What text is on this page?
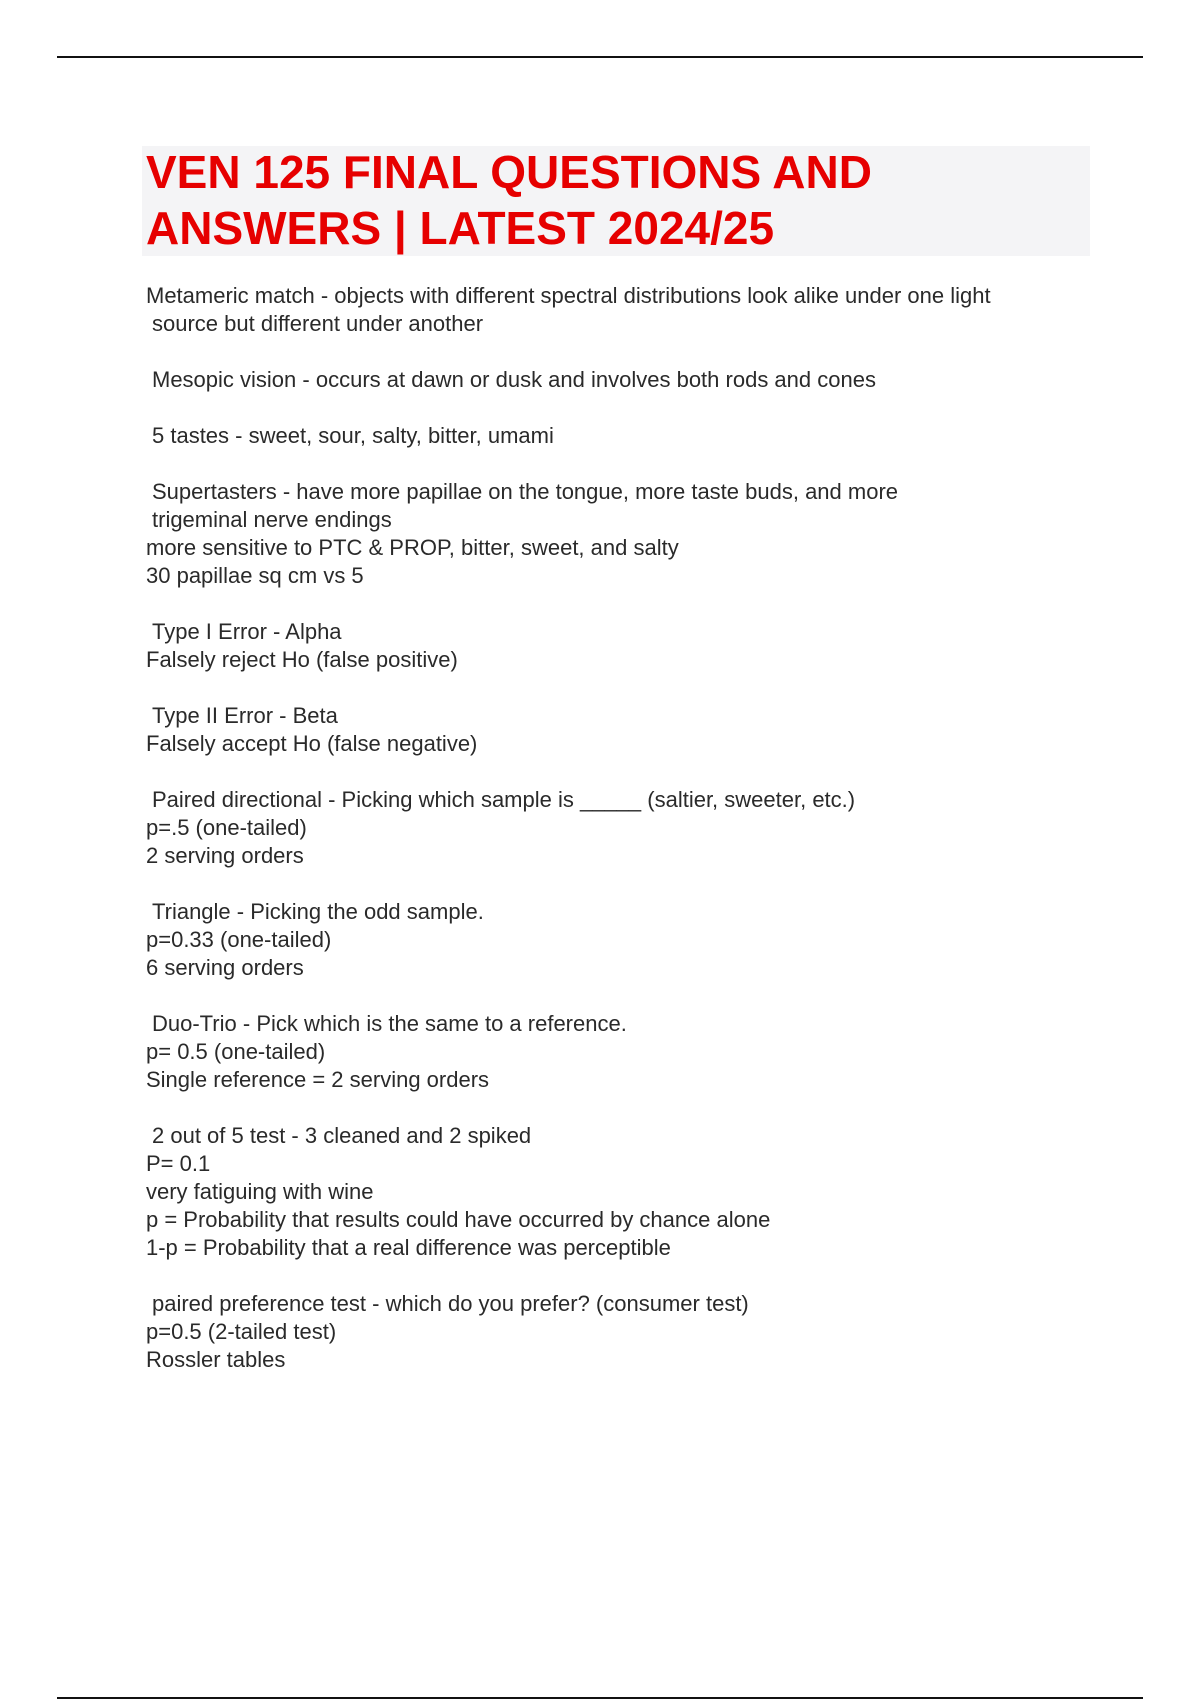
VEN 125 FINAL QUESTIONS AND ANSWERS | LATEST 2024/25
Metameric match - objects with different spectral distributions look alike under one light
source but different under another
Mesopic vision - occurs at dawn or dusk and involves both rods and cones
5 tastes - sweet, sour, salty, bitter, umami
Supertasters - have more papillae on the tongue, more taste buds, and more
trigeminal nerve endings
more sensitive to PTC & PROP, bitter, sweet, and salty
30 papillae sq cm vs 5
Type I Error - Alpha
Falsely reject Ho (false positive)
Type II Error - Beta
Falsely accept Ho (false negative)
Paired directional - Picking which sample is _____ (saltier, sweeter, etc.)
p=.5 (one-tailed)
2 serving orders
Triangle - Picking the odd sample.
p=0.33 (one-tailed)
6 serving orders
Duo-Trio - Pick which is the same to a reference.
p= 0.5 (one-tailed)
Single reference = 2 serving orders
2 out of 5 test - 3 cleaned and 2 spiked
P= 0.1
very fatiguing with wine
p = Probability that results could have occurred by chance alone
1-p = Probability that a real difference was perceptible
paired preference test - which do you prefer? (consumer test)
p=0.5 (2-tailed test)
Rossler tables
